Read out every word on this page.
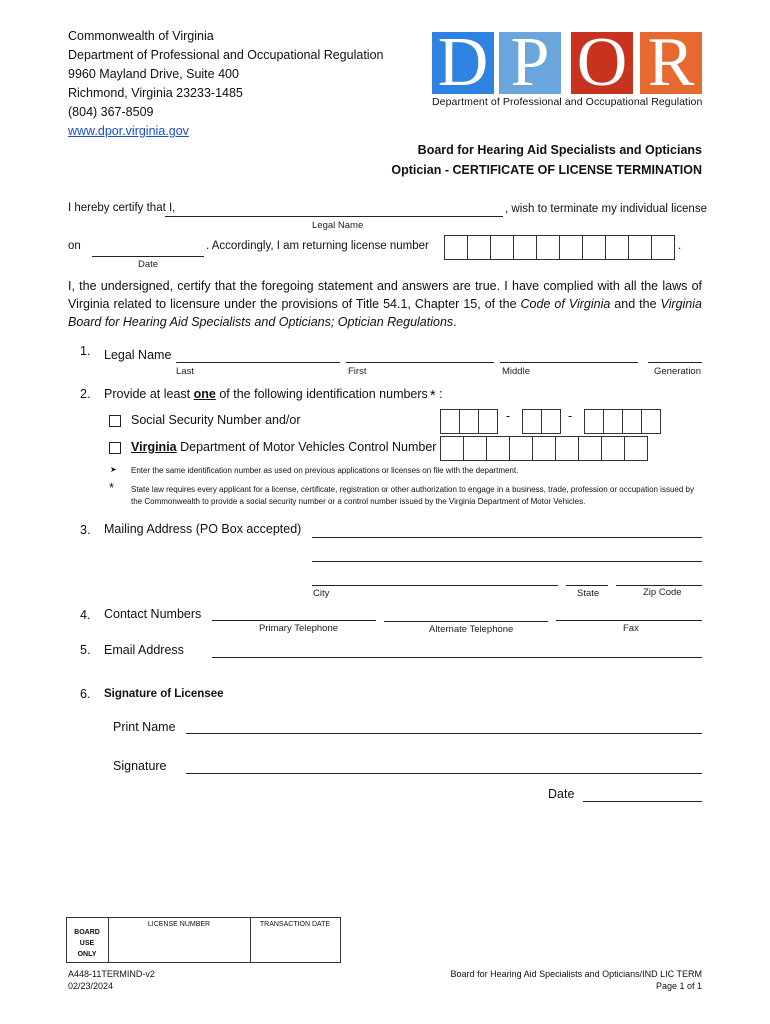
Commonwealth of Virginia
Department of Professional and Occupational Regulation
9960 Mayland Drive, Suite 400
Richmond, Virginia 23233-1485
(804) 367-8509
www.dpor.virginia.gov
D P O R
Department of Professional and Occupational Regulation
Board for Hearing Aid Specialists and Opticians
Optician - CERTIFICATE OF LICENSE TERMINATION
I hereby certify that I,	, wish to terminate my individual license
Legal Name
on	. Accordingly, I am returning license number	.
Date
I, the undersigned, certify that the foregoing statement and answers are true. I have complied with all the laws of Virginia related to licensure under the provisions of Title 54.1, Chapter 15, of the Code of Virginia and the Virginia Board for Hearing Aid Specialists and Opticians; Optician Regulations.
1. Legal Name
Last	First	Middle	Generation
2. Provide at least one of the following identification numbers * :
Social Security Number and/or	-	-
Virginia Department of Motor Vehicles Control Number
➤ Enter the same identification number as used on previous applications or licenses on file with the department.
* State law requires every applicant for a license, certificate, registration or other authorization to engage in a business, trade, profession or occupation issued by the Commonwealth to provide a social security number or a control number issued by the Virginia Department of Motor Vehicles.
3. Mailing Address (PO Box accepted)
City	State	Zip Code
4. Contact Numbers
Primary Telephone	Alternate Telephone	Fax
5. Email Address
6. Signature of Licensee
Print Name
Signature
Date
BOARD
USE
ONLY
LICENSE NUMBER	TRANSACTION DATE
A448-11TERMIND-v2
02/23/2024
Board for Hearing Aid Specialists and Opticians/IND LIC TERM
Page 1 of 1
